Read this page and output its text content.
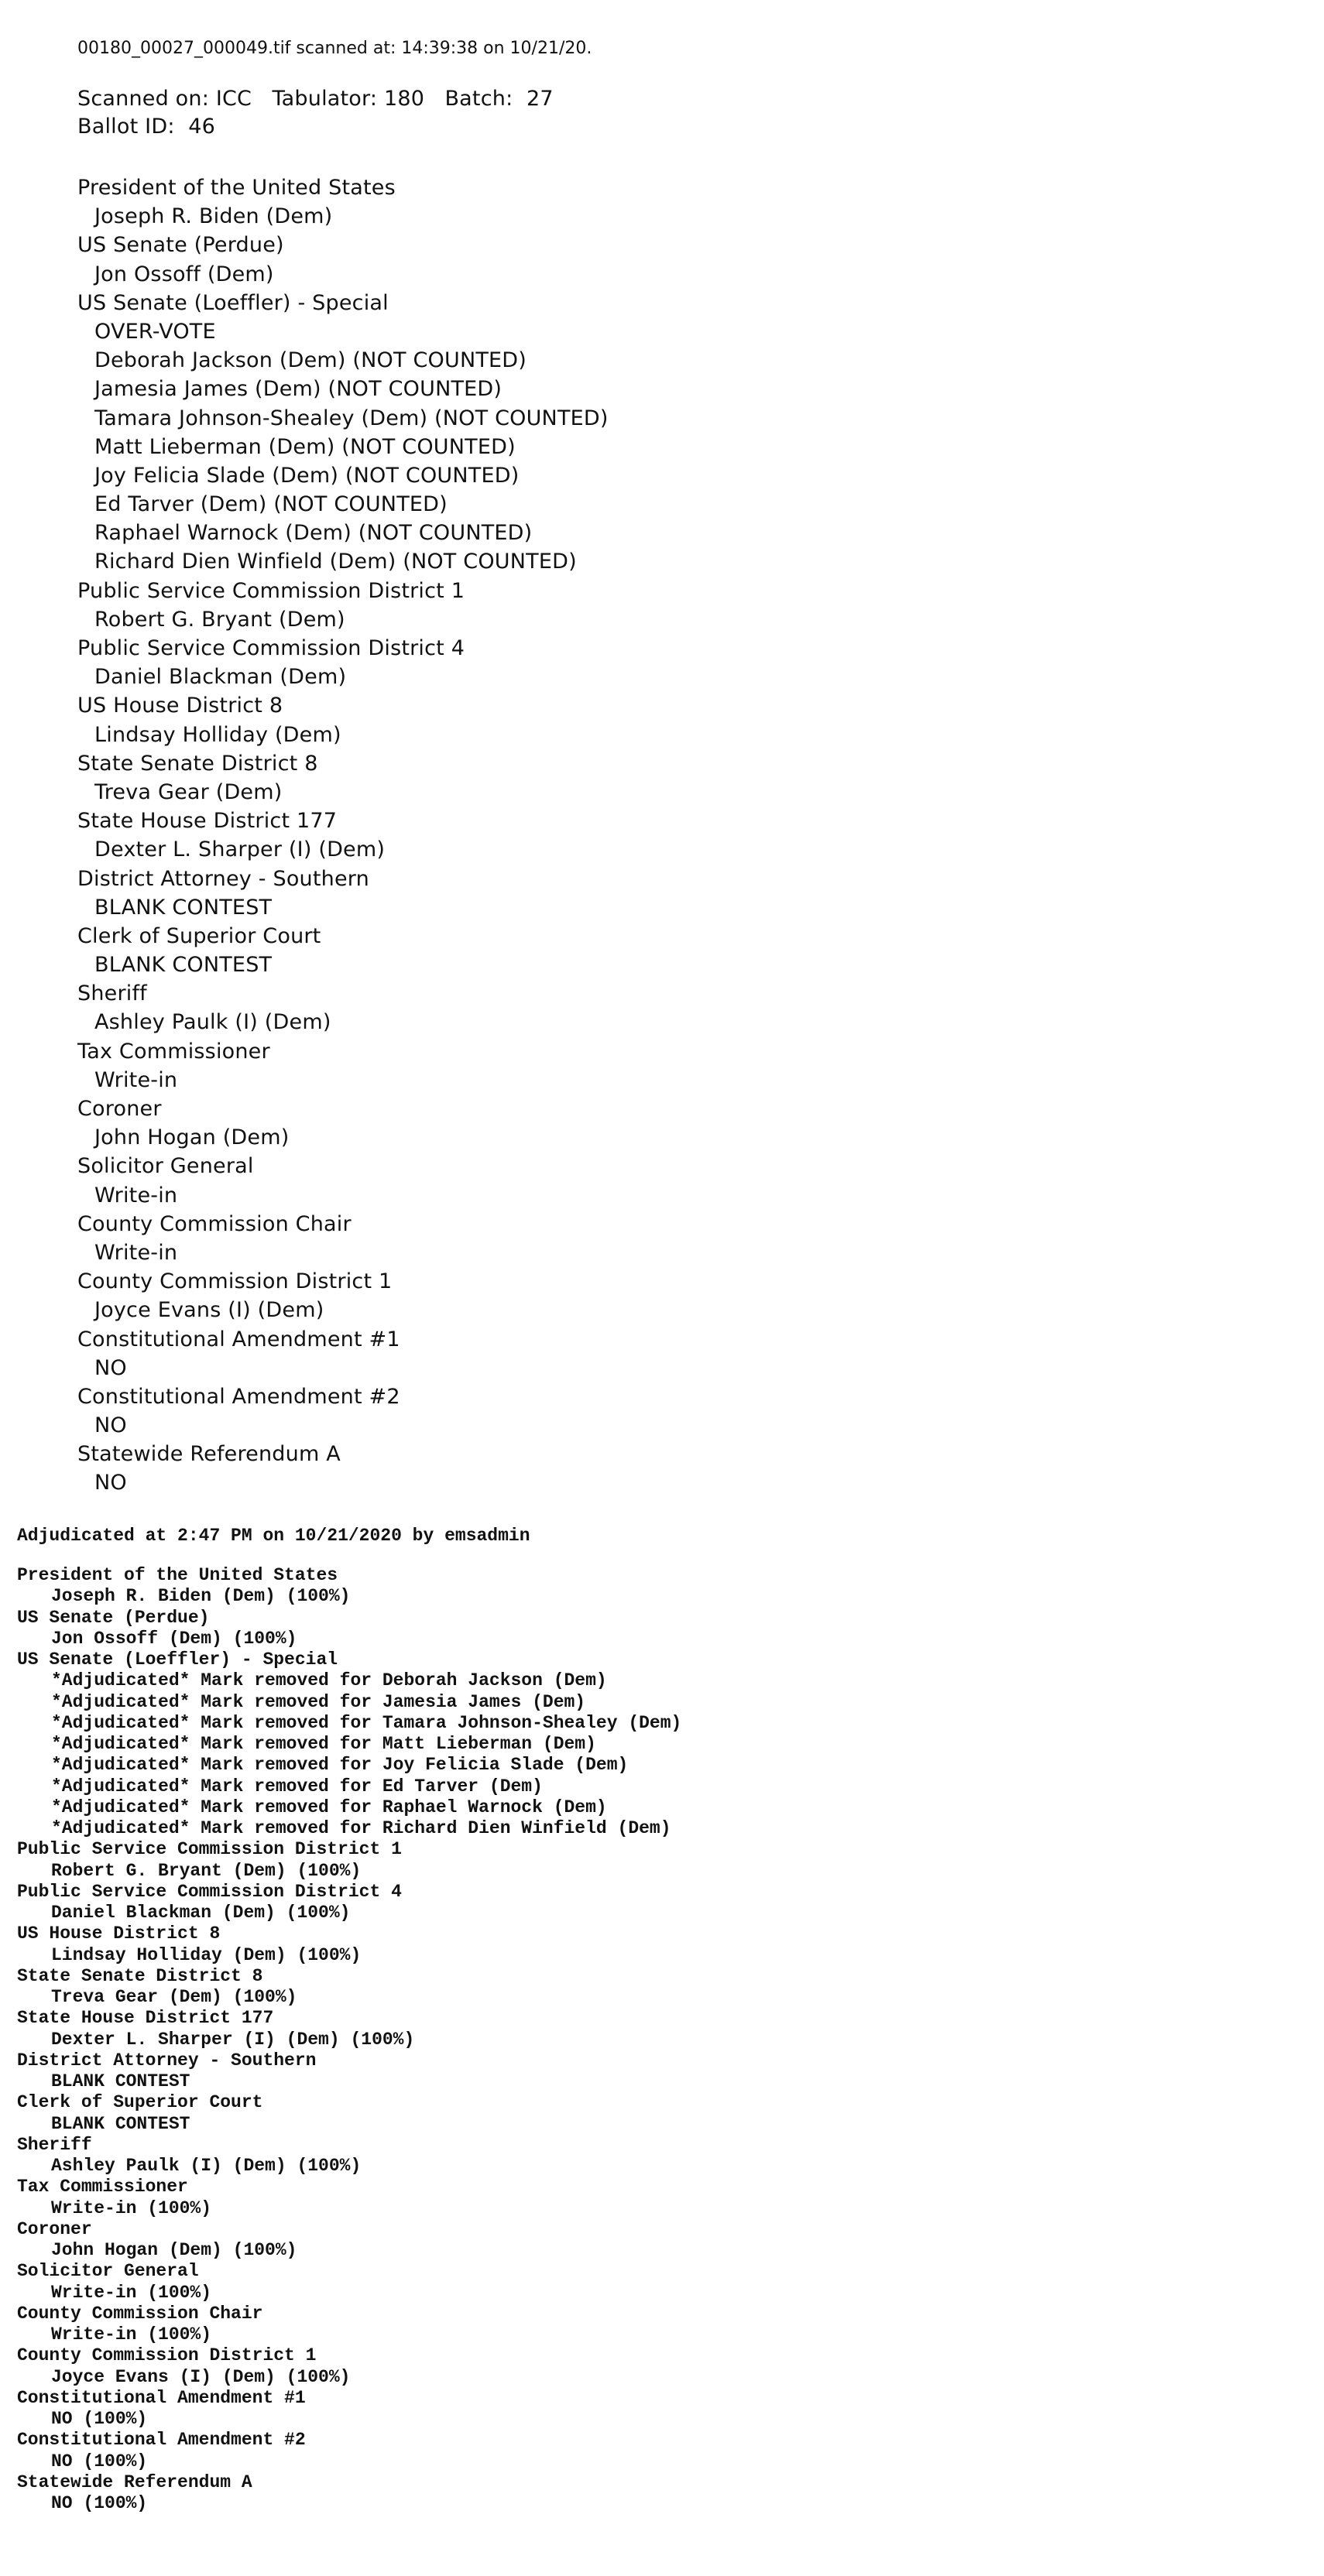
00180_00027_000049.tif scanned at: 14:39:38 on 10/21/20.
Scanned on: ICC Tabulator: 180 Batch: 27
Ballot ID: 46
President of the United States
Joseph R. Biden (Dem)
US Senate (Perdue)
Jon Ossoff (Dem)
US Senate (Loeffler) - Special
OVER-VOTE
Deborah Jackson (Dem) (NOT COUNTED)
Jamesia James (Dem) (NOT COUNTED)
Tamara Johnson-Shealey (Dem) (NOT COUNTED)
Matt Lieberman (Dem) (NOT COUNTED)
Joy Felicia Slade (Dem) (NOT COUNTED)
Ed Tarver (Dem) (NOT COUNTED)
Raphael Warnock (Dem) (NOT COUNTED)
Richard Dien Winfield (Dem) (NOT COUNTED)
Public Service Commission District 1
Robert G. Bryant (Dem)
Public Service Commission District 4
Daniel Blackman (Dem)
US House District 8
Lindsay Holliday (Dem)
State Senate District 8
Treva Gear (Dem)
State House District 177
Dexter L. Sharper (I) (Dem)
District Attorney - Southern
BLANK CONTEST
Clerk of Superior Court
BLANK CONTEST
Sheriff
Ashley Paulk (I) (Dem)
Tax Commissioner
Write-in
Coroner
John Hogan (Dem)
Solicitor General
Write-in
County Commission Chair
Write-in
County Commission District 1
Joyce Evans (I) (Dem)
Constitutional Amendment #1
NO
Constitutional Amendment #2
NO
Statewide Referendum A
NO
Adjudicated at 2:47 PM on 10/21/2020 by emsadmin
President of the United States
Joseph R. Biden (Dem) (100%)
US Senate (Perdue)
Jon Ossoff (Dem) (100%)
US Senate (Loeffler) - Special
*Adjudicated* Mark removed for Deborah Jackson (Dem)
*Adjudicated* Mark removed for Jamesia James (Dem)
*Adjudicated* Mark removed for Tamara Johnson-Shealey (Dem)
*Adjudicated* Mark removed for Matt Lieberman (Dem)
*Adjudicated* Mark removed for Joy Felicia Slade (Dem)
*Adjudicated* Mark removed for Ed Tarver (Dem)
*Adjudicated* Mark removed for Raphael Warnock (Dem)
*Adjudicated* Mark removed for Richard Dien Winfield (Dem)
Public Service Commission District 1
Robert G. Bryant (Dem) (100%)
Public Service Commission District 4
Daniel Blackman (Dem) (100%)
US House District 8
Lindsay Holliday (Dem) (100%)
State Senate District 8
Treva Gear (Dem) (100%)
State House District 177
Dexter L. Sharper (I) (Dem) (100%)
District Attorney - Southern
BLANK CONTEST
Clerk of Superior Court
BLANK CONTEST
Sheriff
Ashley Paulk (I) (Dem) (100%)
Tax Commissioner
Write-in (100%)
Coroner
John Hogan (Dem) (100%)
Solicitor General
Write-in (100%)
County Commission Chair
Write-in (100%)
County Commission District 1
Joyce Evans (I) (Dem) (100%)
Constitutional Amendment #1
NO (100%)
Constitutional Amendment #2
NO (100%)
Statewide Referendum A
NO (100%)
